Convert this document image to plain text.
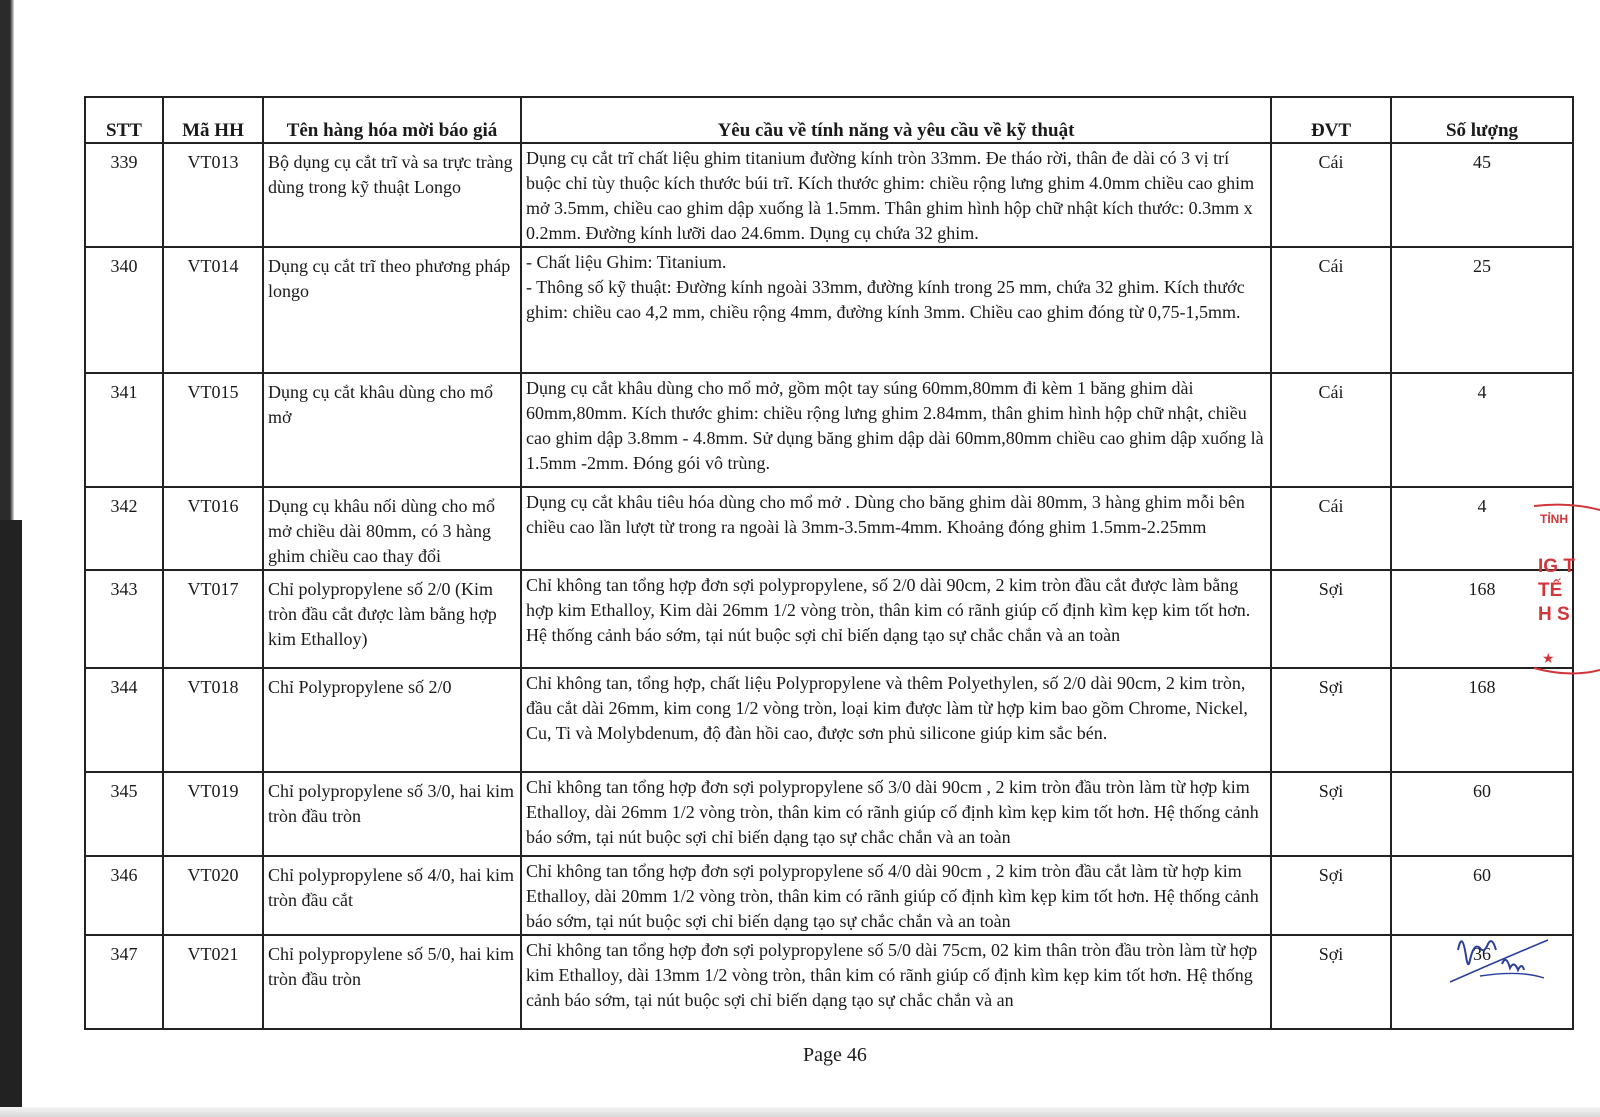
STT	Mã HH	Tên hàng hóa mời báo giá	Yêu cầu về tính năng và yêu cầu về kỹ thuật	ĐVT	Số lượng
339	VT013	Bộ dụng cụ cắt trĩ và sa trực tràng dùng trong kỹ thuật Longo	Dụng cụ cắt trĩ chất liệu ghim titanium đường kính tròn 33mm. Đe tháo rời, thân đe dài có 3 vị trí buộc chỉ tùy thuộc kích thước búi trĩ. Kích thước ghim: chiều rộng lưng ghim 4.0mm chiều cao ghim mở 3.5mm, chiều cao ghim dập xuống là 1.5mm. Thân ghim hình hộp chữ nhật kích thước: 0.3mm x 0.2mm. Đường kính lưỡi dao 24.6mm. Dụng cụ chứa 32 ghim.	Cái	45
340	VT014	Dụng cụ cắt trĩ theo phương pháp longo	- Chất liệu Ghim: Titanium.
- Thông số kỹ thuật: Đường kính ngoài 33mm, đường kính trong 25 mm, chứa 32 ghim. Kích thước ghim: chiều cao 4,2 mm, chiều rộng 4mm, đường kính 3mm. Chiều cao ghim đóng từ 0,75-1,5mm.	Cái	25
341	VT015	Dụng cụ cắt khâu dùng cho mổ mở	Dụng cụ cắt khâu dùng cho mổ mở, gồm một tay súng 60mm,80mm đi kèm 1 băng ghim dài 60mm,80mm. Kích thước ghim: chiều rộng lưng ghim 2.84mm, thân ghim hình hộp chữ nhật, chiều cao ghim dập 3.8mm - 4.8mm. Sử dụng băng ghim dập dài 60mm,80mm chiều cao ghim dập xuống là 1.5mm -2mm. Đóng gói vô trùng.	Cái	4
342	VT016	Dụng cụ khâu nối dùng cho mổ mở chiều dài 80mm, có 3 hàng ghim chiều cao thay đổi	Dụng cụ cắt khâu tiêu hóa dùng cho mổ mở . Dùng cho băng ghim dài 80mm, 3 hàng ghim mỗi bên chiều cao lần lượt từ trong ra ngoài là 3mm-3.5mm-4mm. Khoảng đóng ghim 1.5mm-2.25mm	Cái	4
343	VT017	Chỉ polypropylene số 2/0 (Kim tròn đầu cắt được làm bằng hợp kim Ethalloy)	Chỉ không tan tổng hợp đơn sợi polypropylene, số 2/0 dài 90cm, 2 kim tròn đầu cắt được làm bằng hợp kim Ethalloy, Kim dài 26mm 1/2 vòng tròn, thân kim có rãnh giúp cố định kìm kẹp kim tốt hơn. Hệ thống cảnh báo sớm, tại nút buộc sợi chỉ biến dạng tạo sự chắc chắn và an toàn	Sợi	168
344	VT018	Chỉ Polypropylene số 2/0	Chỉ không tan, tổng hợp, chất liệu Polypropylene và thêm Polyethylen, số 2/0 dài 90cm, 2 kim tròn, đầu cắt dài 26mm, kim cong 1/2 vòng tròn, loại kim được làm từ hợp kim bao gồm Chrome, Nickel, Cu, Ti và Molybdenum, độ đàn hồi cao, được sơn phủ silicone giúp kim sắc bén.	Sợi	168
345	VT019	Chỉ polypropylene số 3/0, hai kim tròn đầu tròn	Chỉ không tan tổng hợp đơn sợi polypropylene số 3/0 dài 90cm , 2 kim tròn đầu tròn làm từ hợp kim Ethalloy, dài 26mm 1/2 vòng tròn, thân kim có rãnh giúp cố định kìm kẹp kim tốt hơn. Hệ thống cảnh báo sớm, tại nút buộc sợi chỉ biến dạng tạo sự chắc chắn và an toàn	Sợi	60
346	VT020	Chỉ polypropylene số 4/0, hai kim tròn đầu cắt	Chỉ không tan tổng hợp đơn sợi polypropylene số 4/0 dài 90cm , 2 kim tròn đầu cắt làm từ hợp kim Ethalloy, dài 20mm 1/2 vòng tròn, thân kim có rãnh giúp cố định kìm kẹp kim tốt hơn. Hệ thống cảnh báo sớm, tại nút buộc sợi chỉ biến dạng tạo sự chắc chắn và an toàn	Sợi	60
347	VT021	Chỉ polypropylene số 5/0, hai kim tròn đầu tròn	Chỉ không tan tổng hợp đơn sợi polypropylene số 5/0 dài 75cm, 02 kim thân tròn đầu tròn làm từ hợp kim Ethalloy, dài 13mm 1/2 vòng tròn, thân kim có rãnh giúp cố định kìm kẹp kim tốt hơn. Hệ thống cảnh báo sớm, tại nút buộc sợi chỉ biến dạng tạo sự chắc chắn và an	Sợi	36
TỈNH
IG T
TẾ
H S
★
Page 46
